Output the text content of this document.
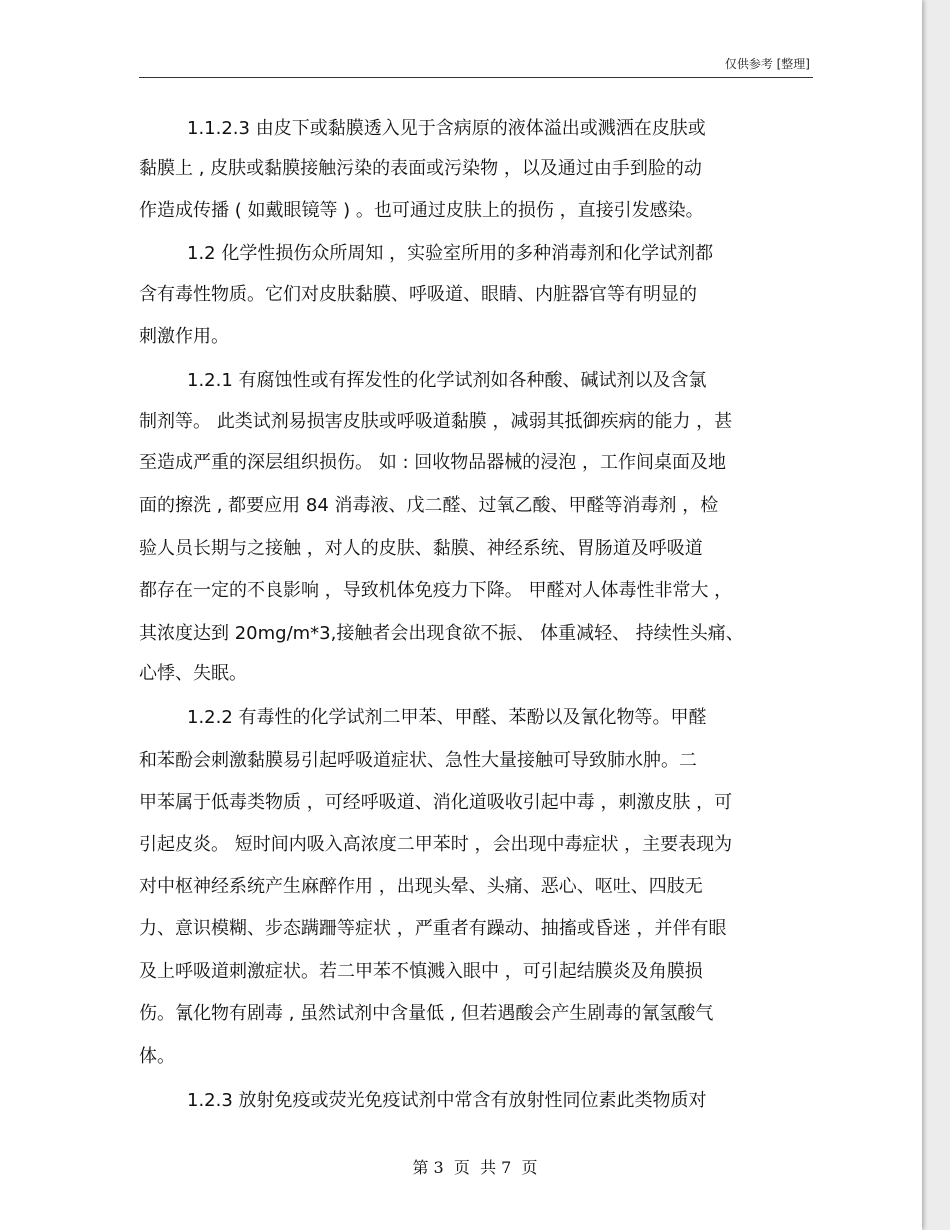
仅供参考 [整理]
1.1.2.3 由皮下或黏膜透入见于含病原的液体溢出或溅洒在皮肤或
黏膜上 , 皮肤或黏膜接触污染的表面或污染物 ，以及通过由手到脸的动
作造成传播 ( 如戴眼镜等 ) 。也可通过皮肤上的损伤 ，直接引发感染。
1.2 化学性损伤众所周知 ，实验室所用的多种消毒剂和化学试剂都
含有毒性物质。它们对皮肤黏膜、呼吸道、眼睛、内脏器官等有明显的
刺激作用。
1.2.1 有腐蚀性或有挥发性的化学试剂如各种酸、碱试剂以及含氯
制剂等。 此类试剂易损害皮肤或呼吸道黏膜 ，减弱其抵御疾病的能力 ，甚
至造成严重的深层组织损伤。 如 : 回收物品器械的浸泡 ，工作间桌面及地
面的擦洗 , 都要应用 84 消毒液、戊二醛、过氧乙酸、甲醛等消毒剂 ，检
验人员长期与之接触 ，对人的皮肤、黏膜、神经系统、胃肠道及呼吸道
都存在一定的不良影响 ，导致机体免疫力下降。 甲醛对人体毒性非常大 ，
其浓度达到 20mg/m*3,接触者会出现食欲不振、 体重减轻、 持续性头痛、
心悸、失眠。
1.2.2 有毒性的化学试剂二甲苯、甲醛、苯酚以及氰化物等。甲醛
和苯酚会刺激黏膜易引起呼吸道症状、急性大量接触可导致肺水肿。二
甲苯属于低毒类物质 ，可经呼吸道、消化道吸收引起中毒 ，刺激皮肤 ，可
引起皮炎。 短时间内吸入高浓度二甲苯时 ，会出现中毒症状 ，主要表现为
对中枢神经系统产生麻醉作用 ，出现头晕、头痛、恶心、呕吐、四肢无
力、意识模糊、步态蹒跚等症状 ，严重者有躁动、抽搐或昏迷 ，并伴有眼
及上呼吸道刺激症状。若二甲苯不慎溅入眼中 ，可引起结膜炎及角膜损
伤。氰化物有剧毒 , 虽然试剂中含量低 , 但若遇酸会产生剧毒的氰氢酸气
体。
1.2.3 放射免疫或荧光免疫试剂中常含有放射性同位素此类物质对
第 3  页  共 7  页
